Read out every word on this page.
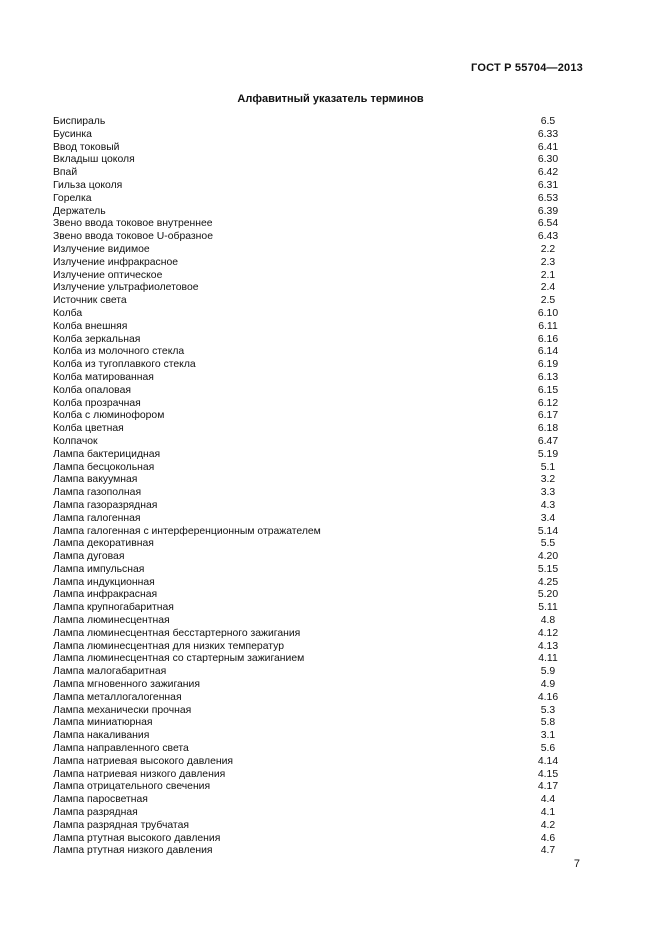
ГОСТ Р 55704—2013
Алфавитный указатель терминов
Биспираль	6.5
Бусинка	6.33
Ввод токовый	6.41
Вкладыш цоколя	6.30
Впай	6.42
Гильза цоколя	6.31
Горелка	6.53
Держатель	6.39
Звено ввода токовое внутреннее	6.54
Звено ввода токовое U-образное	6.43
Излучение видимое	2.2
Излучение инфракрасное	2.3
Излучение оптическое	2.1
Излучение ультрафиолетовое	2.4
Источник света	2.5
Колба	6.10
Колба внешняя	6.11
Колба зеркальная	6.16
Колба из молочного стекла	6.14
Колба из тугоплавкого стекла	6.19
Колба матированная	6.13
Колба опаловая	6.15
Колба прозрачная	6.12
Колба с люминофором	6.17
Колба цветная	6.18
Колпачок	6.47
Лампа бактерицидная	5.19
Лампа бесцокольная	5.1
Лампа вакуумная	3.2
Лампа газополная	3.3
Лампа газоразрядная	4.3
Лампа галогенная	3.4
Лампа галогенная с интерференционным отражателем	5.14
Лампа декоративная	5.5
Лампа дуговая	4.20
Лампа импульсная	5.15
Лампа индукционная	4.25
Лампа инфракрасная	5.20
Лампа крупногабаритная	5.11
Лампа люминесцентная	4.8
Лампа люминесцентная бесстартерного зажигания	4.12
Лампа люминесцентная для низких температур	4.13
Лампа люминесцентная со стартерным зажиганием	4.11
Лампа малогабаритная	5.9
Лампа мгновенного зажигания	4.9
Лампа металлогалогенная	4.16
Лампа механически прочная	5.3
Лампа миниатюрная	5.8
Лампа накаливания	3.1
Лампа направленного света	5.6
Лампа натриевая высокого давления	4.14
Лампа натриевая низкого давления	4.15
Лампа отрицательного свечения	4.17
Лампа паросветная	4.4
Лампа разрядная	4.1
Лампа разрядная трубчатая	4.2
Лампа ртутная высокого давления	4.6
Лампа ртутная низкого давления	4.7
7
